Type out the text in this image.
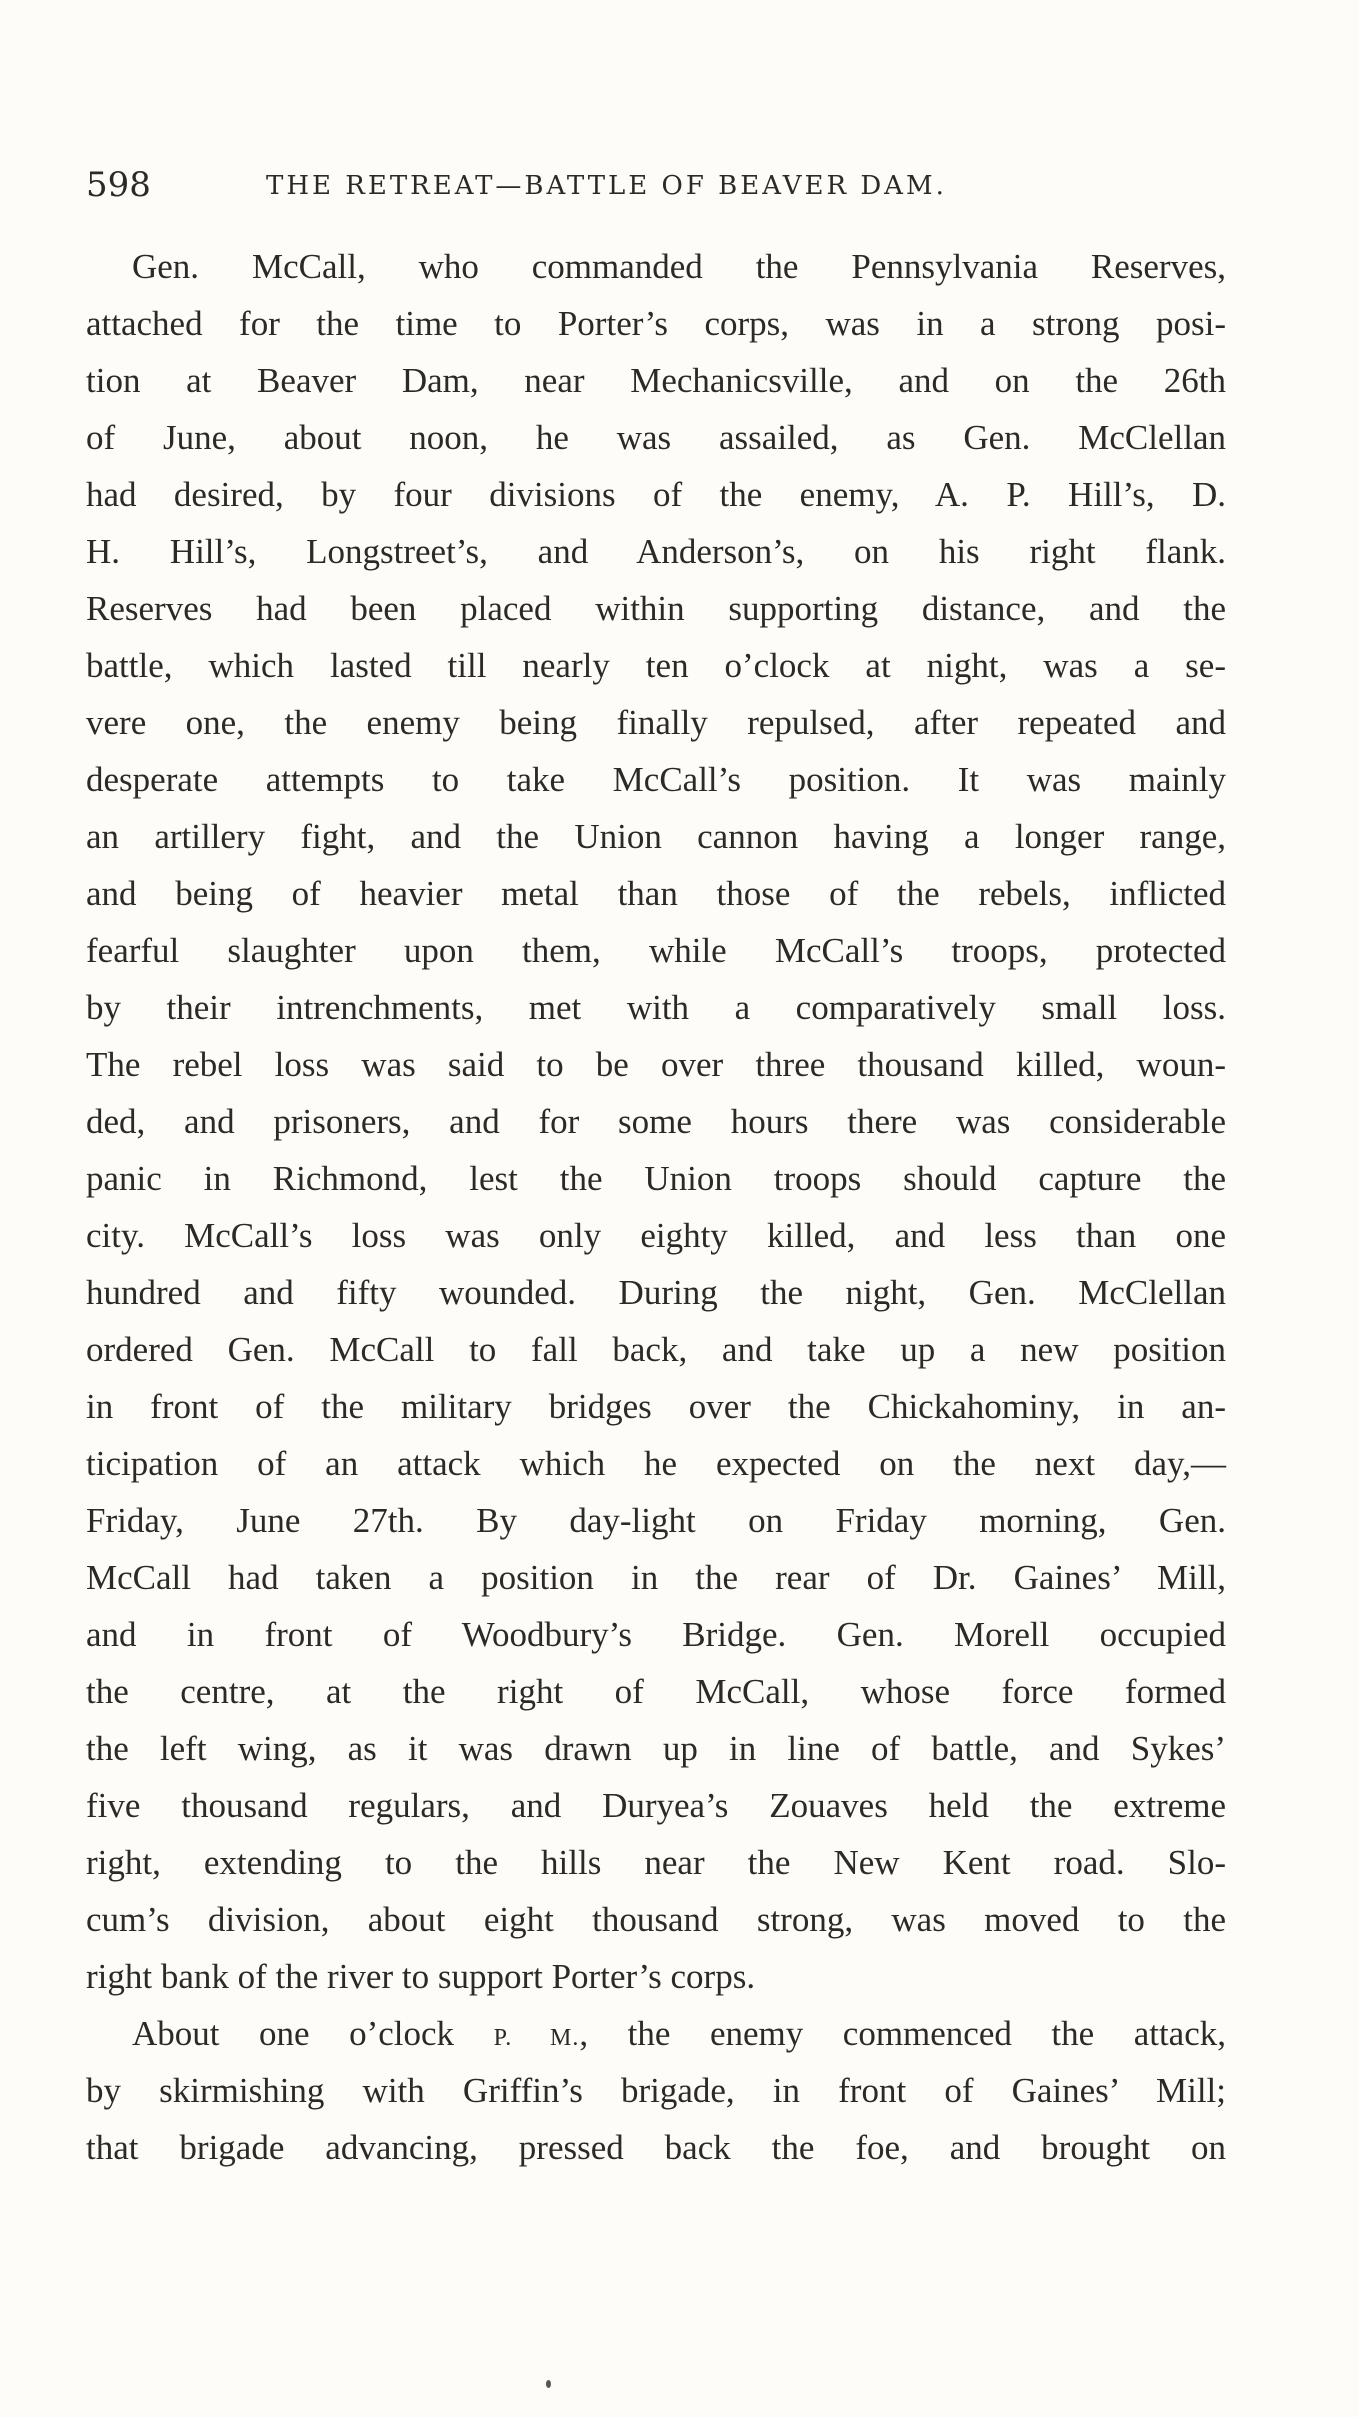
598	THE RETREAT—BATTLE OF BEAVER DAM.
Gen. McCall, who commanded the Pennsylvania Reserves,
attached for the time to Porter’s corps, was in a strong posi-
tion at Beaver Dam, near Mechanicsville, and on the 26th
of June, about noon, he was assailed, as Gen. McClellan
had desired, by four divisions of the enemy, A. P. Hill’s, D.
H. Hill’s, Longstreet’s, and Anderson’s, on his right flank.
Reserves had been placed within supporting distance, and the
battle, which lasted till nearly ten o’clock at night, was a se-
vere one, the enemy being finally repulsed, after repeated and
desperate attempts to take McCall’s position. It was mainly
an artillery fight, and the Union cannon having a longer range,
and being of heavier metal than those of the rebels, inflicted
fearful slaughter upon them, while McCall’s troops, protected
by their intrenchments, met with a comparatively small loss.
The rebel loss was said to be over three thousand killed, woun-
ded, and prisoners, and for some hours there was considerable
panic in Richmond, lest the Union troops should capture the
city. McCall’s loss was only eighty killed, and less than one
hundred and fifty wounded. During the night, Gen. McClellan
ordered Gen. McCall to fall back, and take up a new position
in front of the military bridges over the Chickahominy, in an-
ticipation of an attack which he expected on the next day,—
Friday, June 27th. By day-light on Friday morning, Gen.
McCall had taken a position in the rear of Dr. Gaines’ Mill,
and in front of Woodbury’s Bridge. Gen. Morell occupied
the centre, at the right of McCall, whose force formed
the left wing, as it was drawn up in line of battle, and Sykes’
five thousand regulars, and Duryea’s Zouaves held the extreme
right, extending to the hills near the New Kent road. Slo-
cum’s division, about eight thousand strong, was moved to the
right bank of the river to support Porter’s corps.
About one o’clock P. M., the enemy commenced the attack,
by skirmishing with Griffin’s brigade, in front of Gaines’ Mill;
that brigade advancing, pressed back the foe, and brought on
